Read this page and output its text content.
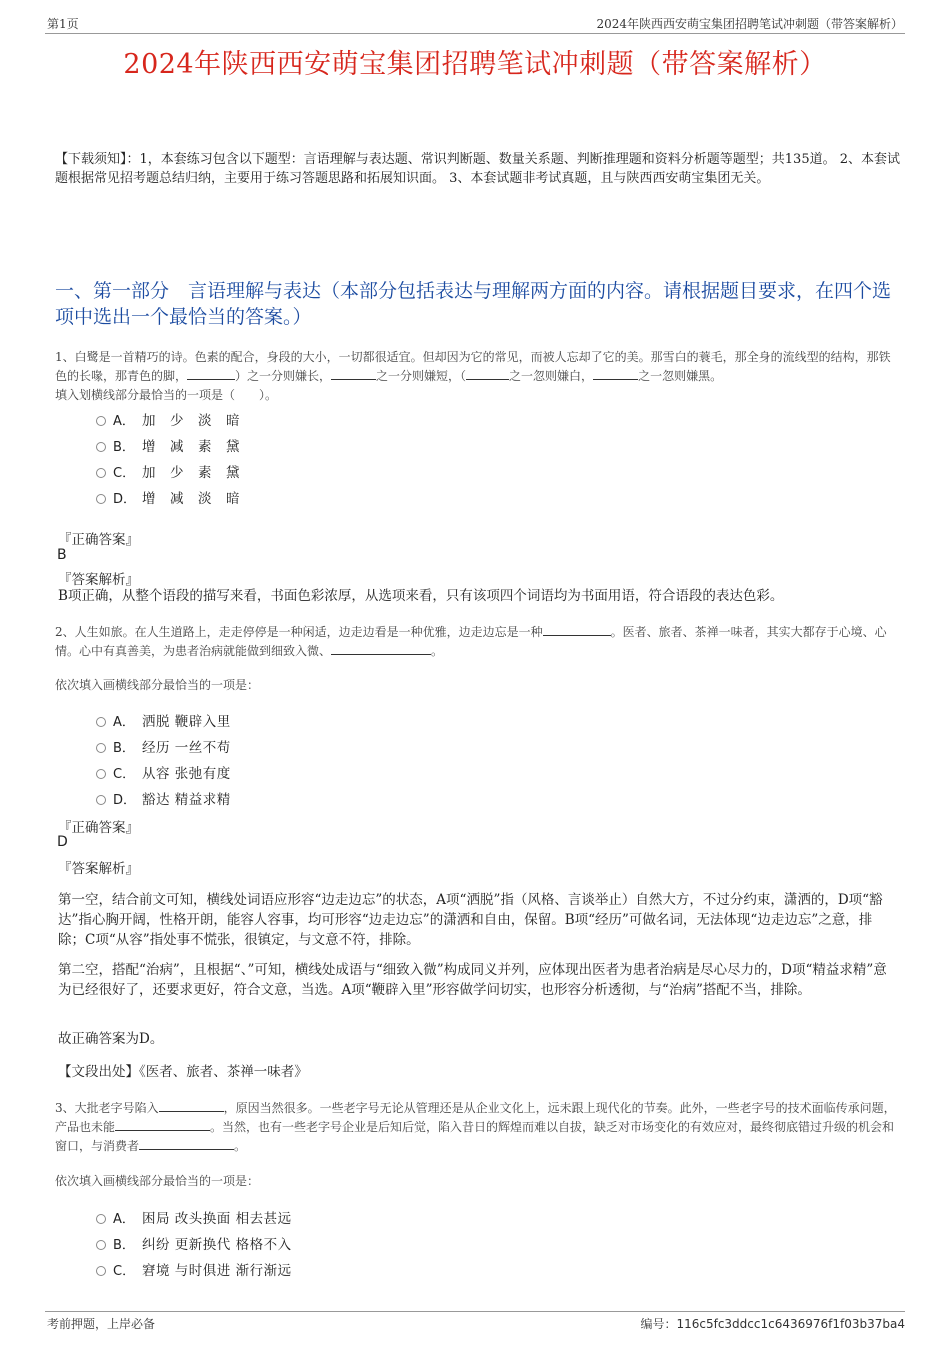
第1页	2024年陕西西安萌宝集团招聘笔试冲刺题（带答案解析）
2024年陕西西安萌宝集团招聘笔试冲刺题（带答案解析）
【下载须知】：1，本套练习包含以下题型：言语理解与表达题、常识判断题、数量关系题、判断推理题和资料分析题等题型；共135道。 2、本套试题根据常见招考题总结归纳，主要用于练习答题思路和拓展知识面。 3、本套试题非考试真题，且与陕西西安萌宝集团无关。
一、第一部分　言语理解与表达（本部分包括表达与理解两方面的内容。请根据题目要求，在四个选项中选出一个最恰当的答案。）
1、白鹭是一首精巧的诗。色素的配合，身段的大小，一切都很适宜。但却因为它的常见，而被人忘却了它的美。那雪白的蓑毛，那全身的流线型的结构，那铁色的长喙，那青色的脚，	）之一分则嫌长，	之一分则嫌短，（	之一忽则嫌白，	之一忽则嫌黑。
填入划横线部分最恰当的一项是（　　）。
A． 加　少　淡　暗
B． 增　减　素　黛
C． 加　少　素　黛
D． 增　减　淡　暗
『正确答案』
B
『答案解析』
B项正确，从整个语段的描写来看，书面色彩浓厚，从选项来看，只有该项四个词语均为书面用语，符合语段的表达色彩。
2、人生如旅。在人生道路上，走走停停是一种闲适，边走边看是一种优雅，边走边忘是一种	。医者、旅者、茶禅一味者，其实大都存于心境、心情。心中有真善美，为患者治病就能做到细致入微、	。
依次填入画横线部分最恰当的一项是：
A． 洒脱 鞭辟入里
B． 经历 一丝不苟
C． 从容 张弛有度
D． 豁达 精益求精
『正确答案』
D
『答案解析』
第一空，结合前文可知，横线处词语应形容“边走边忘”的状态，A项“洒脱”指（风格、言谈举止）自然大方，不过分约束，潇洒的，D项“豁达”指心胸开阔，性格开朗，能容人容事，均可形容“边走边忘”的潇洒和自由，保留。B项“经历”可做名词，无法体现“边走边忘”之意，排除；C项“从容”指处事不慌张，很镇定，与文意不符，排除。
第二空，搭配“治病”，且根据“、”可知，横线处成语与“细致入微”构成同义并列，应体现出医者为患者治病是尽心尽力的，D项“精益求精”意为已经很好了，还要求更好，符合文意，当选。A项“鞭辟入里”形容做学问切实，也形容分析透彻，与“治病”搭配不当，排除。
故正确答案为D。
【文段出处】《医者、旅者、茶禅一味者》
3、大批老字号陷入	，原因当然很多。一些老字号无论从管理还是从企业文化上，远未跟上现代化的节奏。此外，一些老字号的技术面临传承问题，产品也未能	。当然，也有一些老字号企业是后知后觉，陷入昔日的辉煌而难以自拔，缺乏对市场变化的有效应对，最终彻底错过升级的机会和窗口，与消费者	。
依次填入画横线部分最恰当的一项是：
A． 困局 改头换面 相去甚远
B． 纠纷 更新换代 格格不入
C． 窘境 与时俱进 渐行渐远
考前押题，上岸必备	编号：116c5fc3ddcc1c6436976f1f03b37ba4
